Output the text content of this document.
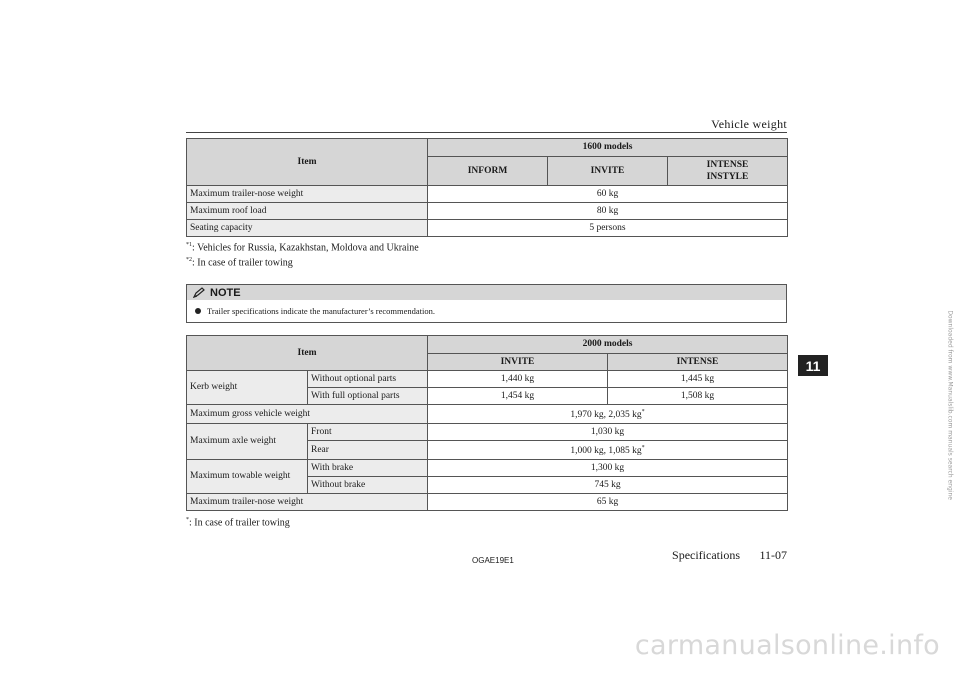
Vehicle weight
11
Item	1600 models		
	INFORM	INVITE	INTENSE
INSTYLE
Maximum trailer-nose weight	60 kg		
Maximum roof load	80 kg		
Seating capacity	5 persons		
$^{*1}$: Vehicles for Russia, Kazakhstan, Moldova and Ukraine
$^{*2}$: In case of trailer towing
NOTE
Trailer specifications indicate the manufacturer’s recommendation.
Item		2000 models	
		INVITE	INTENSE
Kerb weight	Without optional parts	1,440 kg	1,445 kg
	With full optional parts	1,454 kg	1,508 kg
Maximum gross vehicle weight		1,970 kg, 2,035 kg*
Maximum axle weight	Front	1,030 kg	
	Rear	1,000 kg, 1,085 kg*
Maximum towable weight	With brake	1,300 kg	
	Without brake	745 kg	
Maximum trailer-nose weight		65 kg	
*: In case of trailer towing
OGAE19E1	Specifications 11-07
carmanualsonline.info
Downloaded from www.Manualslib.com manuals search engine
